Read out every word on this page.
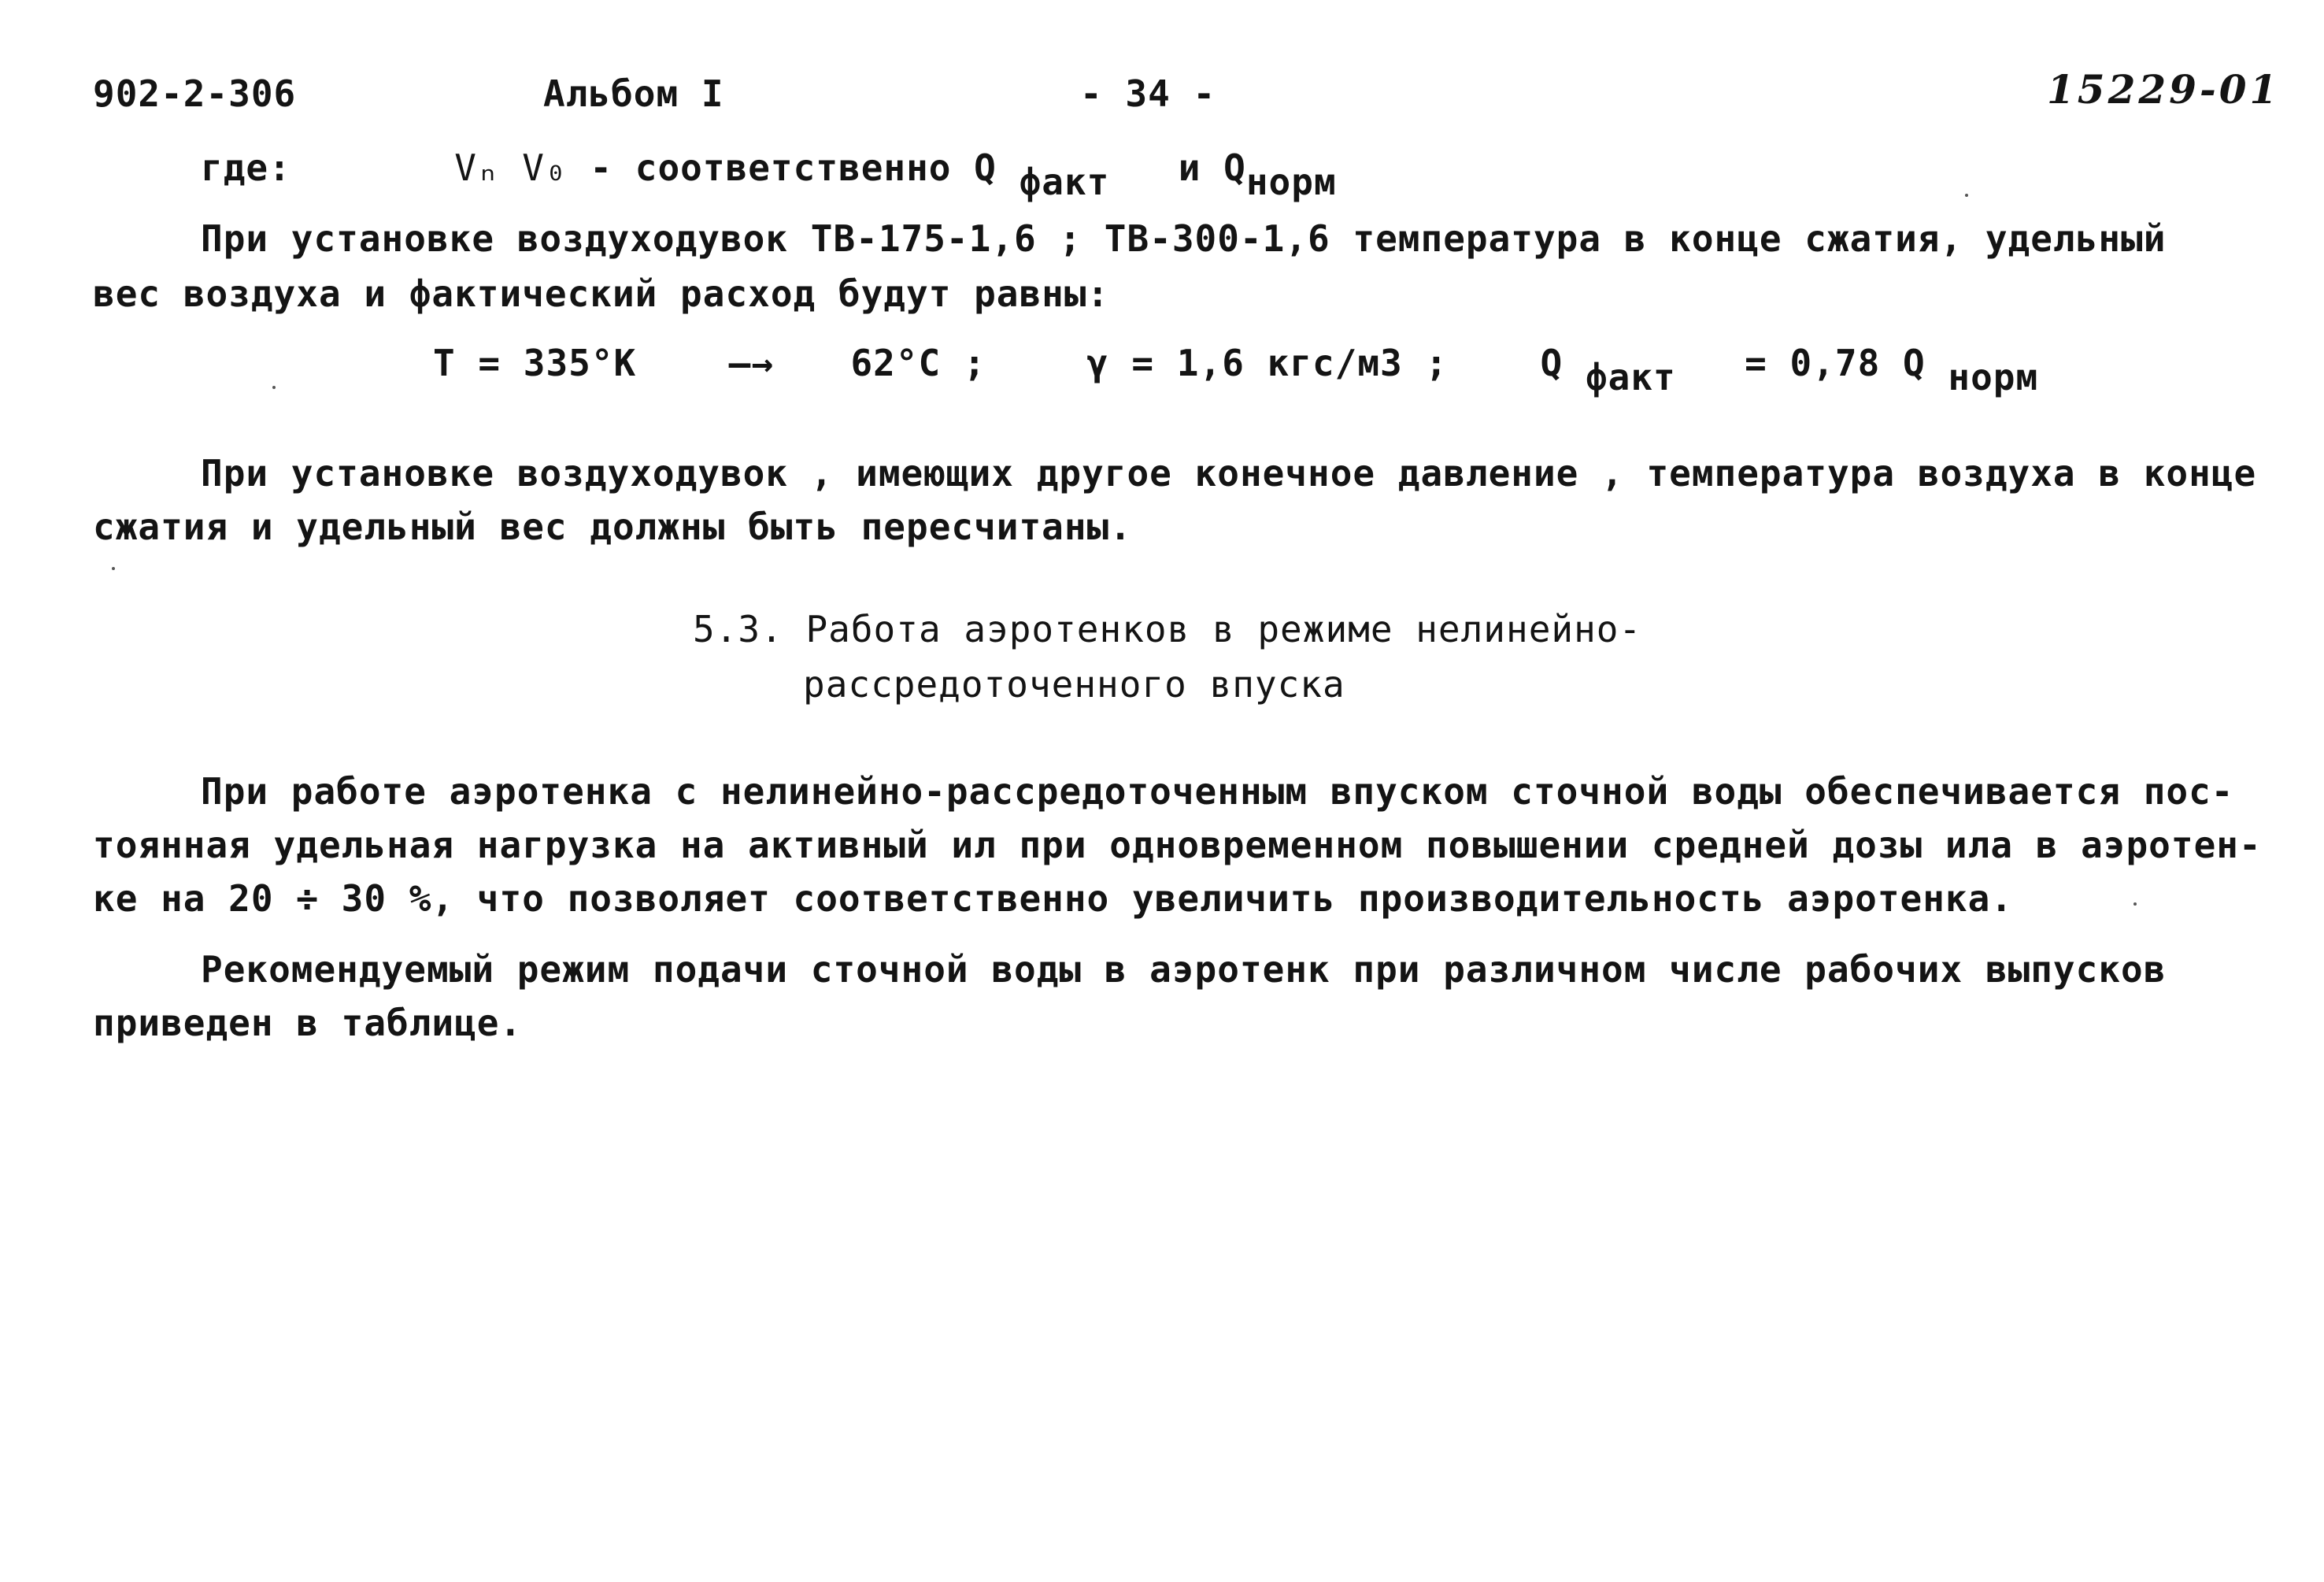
902-2-306	Альбом I	- 34 -	15229-01
где:	Vₙ V₀ - соответственно Q факт и Qнорм
При установке воздуходувок ТВ-175-1,6 ; ТВ-300-1,6 температура в конце сжатия, удельный
вес воздуха и фактический расход будут равны:
T = 335°K	—→ 62°C ;	γ = 1,6 кгс/м3 ;	Q факт = 0,78 Q норм
При установке воздуходувок , имеющих другое конечное давление , температура воздуха в конце
сжатия и удельный вес должны быть пересчитаны.
5.3. Работа аэротенков в режиме нелинейно-
рассредоточенного впуска
При работе аэротенка с нелинейно-рассредоточенным впуском сточной воды обеспечивается пос-
тоянная удельная нагрузка на активный ил при одновременном повышении средней дозы ила в аэротен-
ке на 20 ÷ 30 %, что позволяет соответственно увеличить производительность аэротенка.
Рекомендуемый режим подачи сточной воды в аэротенк при различном числе рабочих выпусков
приведен в таблице.
